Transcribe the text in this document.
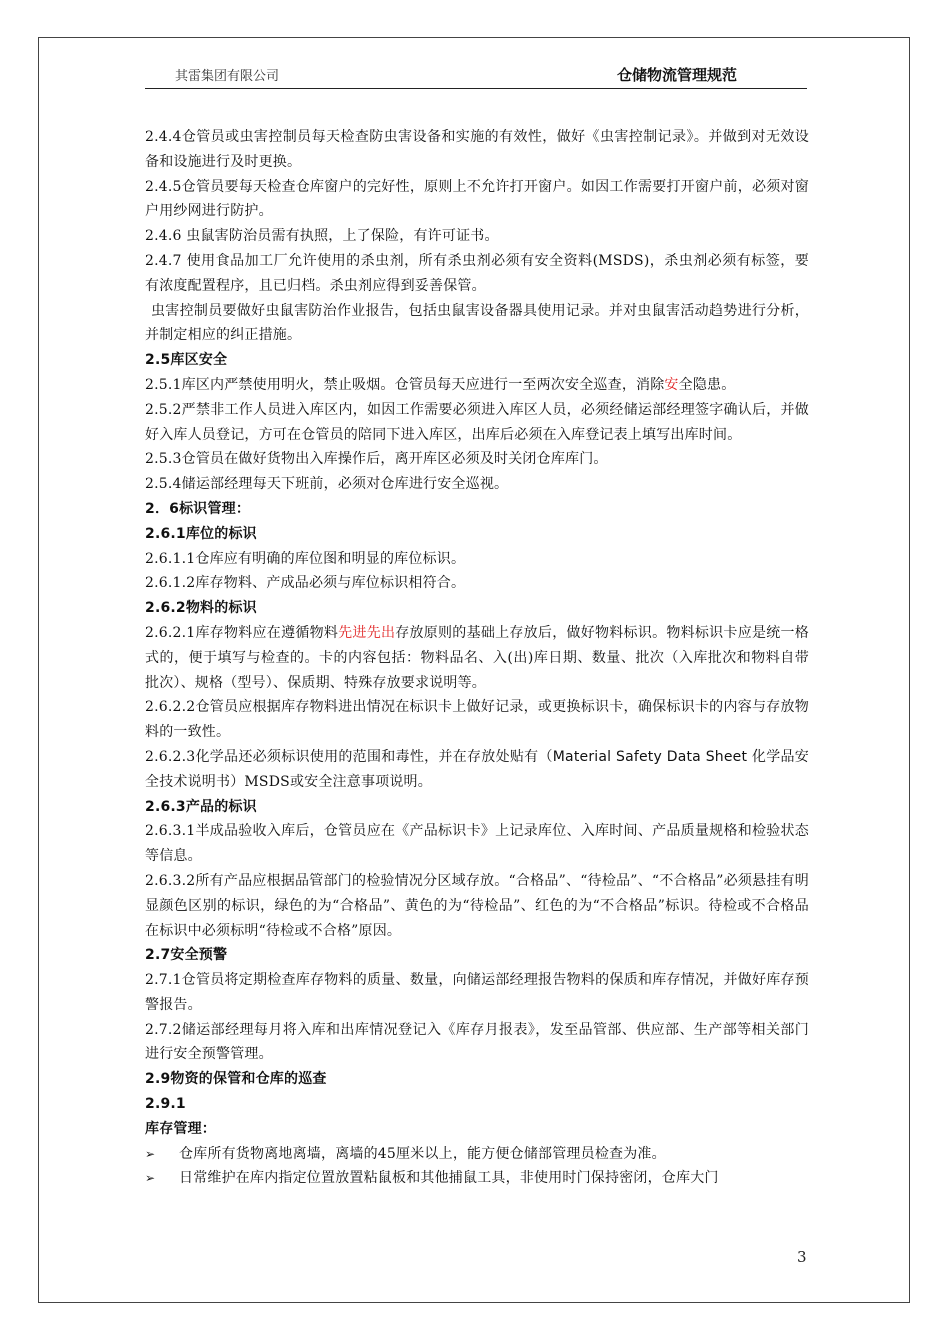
其雷集团有限公司	仓储物流管理规范

2.4.4仓管员或虫害控制员每天检查防虫害设备和实施的有效性，做好《虫害控制记录》。并做到对无效设备和设施进行及时更换。

2.4.5仓管员要每天检查仓库窗户的完好性，原则上不允许打开窗户。如因工作需要打开窗户前，必须对窗户用纱网进行防护。

2.4.6 虫鼠害防治员需有执照，上了保险，有许可证书。

2.4.7 使用食品加工厂允许使用的杀虫剂，所有杀虫剂必须有安全资料(MSDS)，杀虫剂必须有标签，要有浓度配置程序，且已归档。杀虫剂应得到妥善保管。

虫害控制员要做好虫鼠害防治作业报告，包括虫鼠害设备器具使用记录。并对虫鼠害活动趋势进行分析，并制定相应的纠正措施。

2.5库区安全

2.5.1库区内严禁使用明火，禁止吸烟。仓管员每天应进行一至两次安全巡查，消除安全隐患。

2.5.2严禁非工作人员进入库区内，如因工作需要必须进入库区人员，必须经储运部经理签字确认后，并做好入库人员登记，方可在仓管员的陪同下进入库区，出库后必须在入库登记表上填写出库时间。

2.5.3仓管员在做好货物出入库操作后，离开库区必须及时关闭仓库库门。

2.5.4储运部经理每天下班前，必须对仓库进行安全巡视。

2．6标识管理：

2.6.1库位的标识

2.6.1.1仓库应有明确的库位图和明显的库位标识。

2.6.1.2库存物料、产成品必须与库位标识相符合。

2.6.2物料的标识

2.6.2.1库存物料应在遵循物料先进先出存放原则的基础上存放后，做好物料标识。物料标识卡应是统一格式的，便于填写与检查的。卡的内容包括：物料品名、入(出)库日期、数量、批次（入库批次和物料自带批次）、规格（型号）、保质期、特殊存放要求说明等。

2.6.2.2仓管员应根据库存物料进出情况在标识卡上做好记录，或更换标识卡，确保标识卡的内容与存放物料的一致性。

2.6.2.3化学品还必须标识使用的范围和毒性，并在存放处贴有（Material Safety Data Sheet 化学品安全技术说明书）MSDS或安全注意事项说明。

2.6.3产品的标识

2.6.3.1半成品验收入库后，仓管员应在《产品标识卡》上记录库位、入库时间、产品质量规格和检验状态等信息。

2.6.3.2所有产品应根据品管部门的检验情况分区域存放。“合格品”、“待检品”、“不合格品”必须悬挂有明显颜色区别的标识，绿色的为“合格品”、黄色的为“待检品”、红色的为“不合格品”标识。待检或不合格品在标识中必须标明“待检或不合格”原因。

2.7安全预警

2.7.1仓管员将定期检查库存物料的质量、数量，向储运部经理报告物料的保质和库存情况，并做好库存预警报告。

2.7.2储运部经理每月将入库和出库情况登记入《库存月报表》，发至品管部、供应部、生产部等相关部门进行安全预警管理。

2.9物资的保管和仓库的巡查

2.9.1

库存管理：

➢	仓库所有货物离地离墙，离墙的45厘米以上，能方便仓储部管理员检查为准。

➢	日常维护在库内指定位置放置粘鼠板和其他捕鼠工具，非使用时门保持密闭，仓库大门

3
